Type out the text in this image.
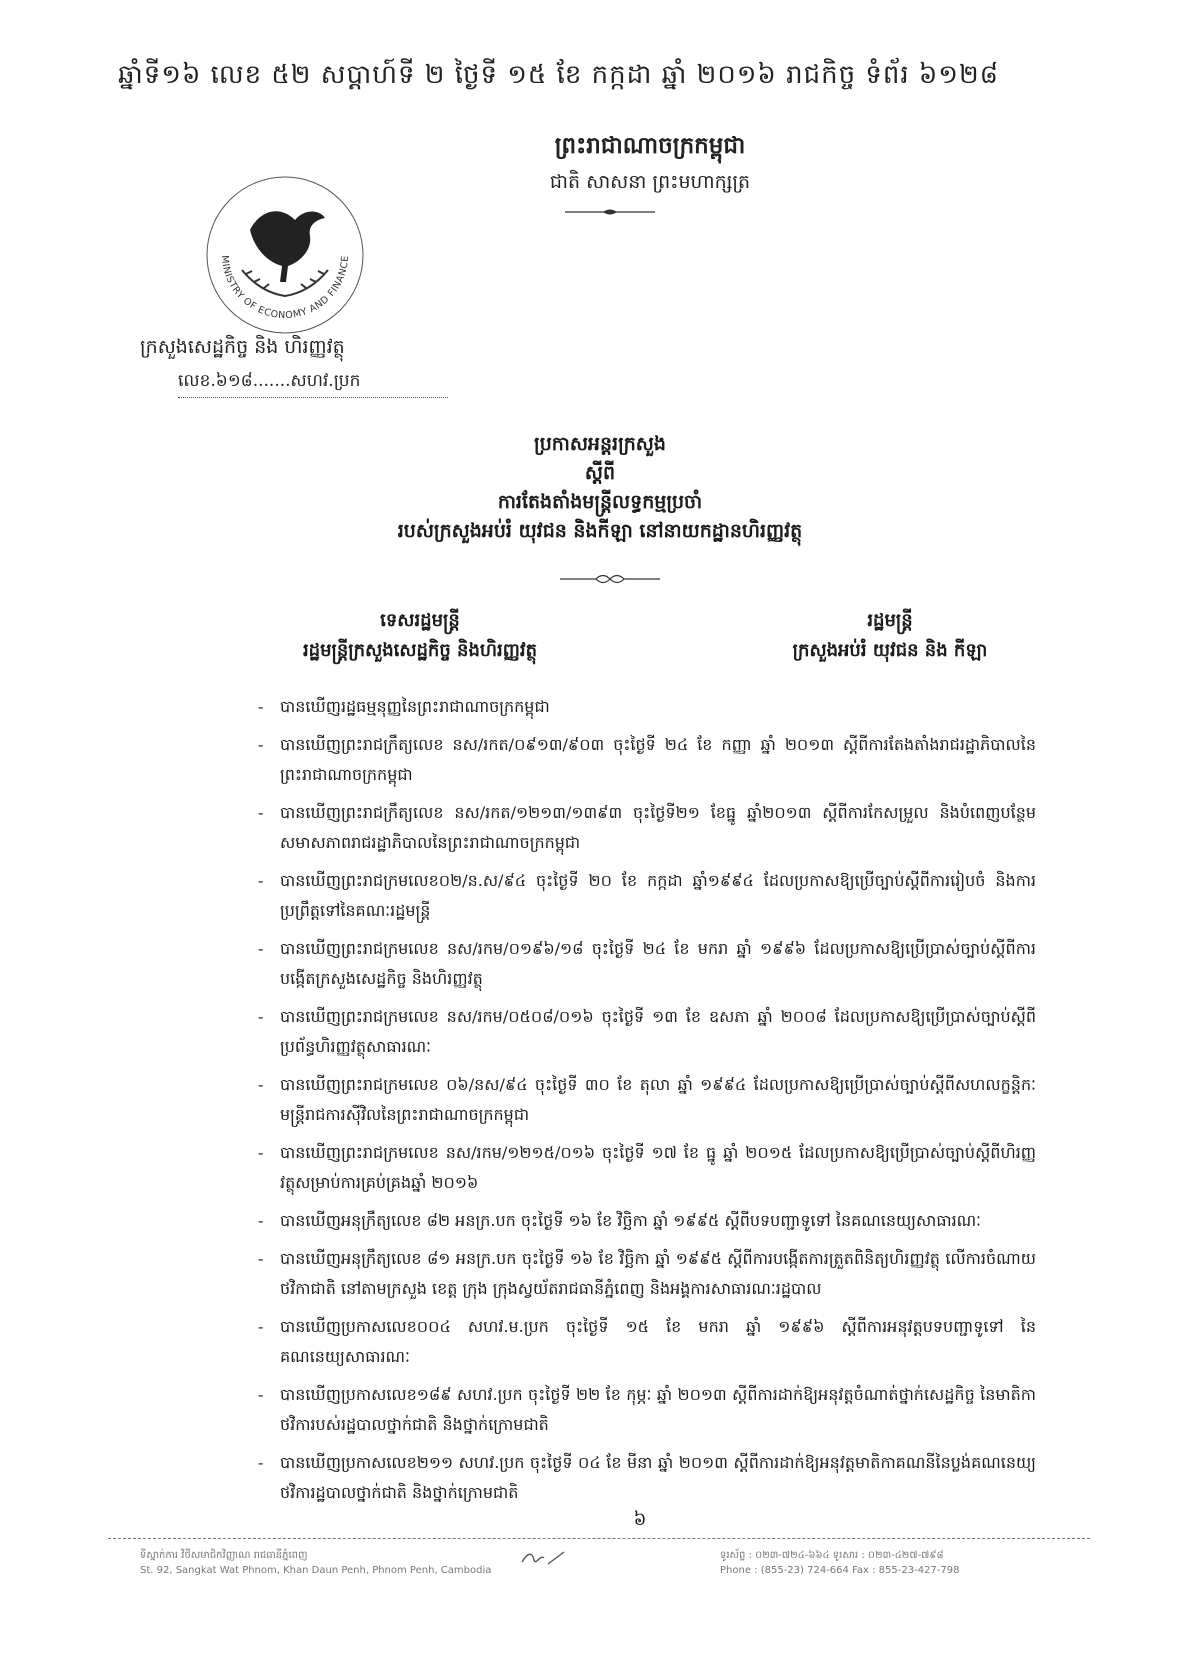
ឆ្នាំទី១៦ លេខ ៥២ សប្តាហ៍ទី ២ ថ្ងៃទី ១៥ ខែ កក្កដា ឆ្នាំ ២០១៦ រាជកិច្ច ទំព័រ ៦១២៨
ព្រះរាជាណាចក្រកម្ពុជា
ជាតិ សាសនា ព្រះមហាក្សត្រ
MINISTRY OF ECONOMY AND FINANCE
ក្រសួងសេដ្ឋកិច្ច និង ហិរញ្ញវត្ថុ
លេខ.៦១៨.......សហវ.ប្រក
ប្រកាសអន្តរក្រសួង
ស្តីពី
ការតែងតាំងមន្ត្រីលទ្ធកម្មប្រចាំ
របស់ក្រសួងអប់រំ យុវជន និងកីឡា នៅនាយកដ្ឋានហិរញ្ញវត្ថុ
ទេសរដ្ឋមន្ត្រី
រដ្ឋមន្ត្រីក្រសួងសេដ្ឋកិច្ច និងហិរញ្ញវត្ថុ
រដ្ឋមន្ត្រី
ក្រសួងអប់រំ យុវជន និង កីឡា
- បានឃើញរដ្ឋធម្មនុញ្ញនៃព្រះរាជាណាចក្រកម្ពុជា
- បានឃើញព្រះរាជក្រឹត្យលេខ នស/រកត/០៩១៣/៩០៣ ចុះថ្ងៃទី ២៤ ខែ កញ្ញា ឆ្នាំ ២០១៣ ស្តីពីការតែងតាំងរាជរដ្ឋាភិបាលនៃព្រះរាជាណាចក្រកម្ពុជា
- បានឃើញព្រះរាជក្រឹត្យលេខ នស/រកត/១២១៣/១៣៩៣ ចុះថ្ងៃទី២១ ខែធ្នូ ឆ្នាំ២០១៣ ស្តីពីការកែសម្រួល និងបំពេញបន្ថែមសមាសភាពរាជរដ្ឋាភិបាលនៃព្រះរាជាណាចក្រកម្ពុជា
- បានឃើញព្រះរាជក្រមលេខ០២/ន.ស/៩៤ ចុះថ្ងៃទី ២០ ខែ កក្កដា ឆ្នាំ១៩៩៤ ដែលប្រកាសឱ្យប្រើច្បាប់ស្តីពីការរៀបចំ និងការប្រព្រឹត្តទៅនៃគណៈរដ្ឋមន្ត្រី
- បានឃើញព្រះរាជក្រមលេខ នស/រកម/០១៩៦/១៨ ចុះថ្ងៃទី ២៤ ខែ មករា ឆ្នាំ ១៩៩៦ ដែលប្រកាសឱ្យប្រើប្រាស់ច្បាប់ស្តីពីការបង្កើតក្រសួងសេដ្ឋកិច្ច និងហិរញ្ញវត្ថុ
- បានឃើញព្រះរាជក្រមលេខ នស/រកម/០៥០៨/០១៦ ចុះថ្ងៃទី ១៣ ខែ ឧសភា ឆ្នាំ ២០០៨ ដែលប្រកាសឱ្យប្រើប្រាស់ច្បាប់ស្តីពីប្រព័ន្ធហិរញ្ញវត្ថុសាធារណៈ
- បានឃើញព្រះរាជក្រមលេខ ០៦/នស/៩៤ ចុះថ្ងៃទី ៣០ ខែ តុលា ឆ្នាំ ១៩៩៤ ដែលប្រកាសឱ្យប្រើប្រាស់ច្បាប់ស្តីពីសហលក្ខន្តិកៈមន្ត្រីរាជការស៊ីវិលនៃព្រះរាជាណាចក្រកម្ពុជា
- បានឃើញព្រះរាជក្រមលេខ នស/រកម/១២១៥/០១៦ ចុះថ្ងៃទី ១៧ ខែ ធ្នូ ឆ្នាំ ២០១៥ ដែលប្រកាសឱ្យប្រើប្រាស់ច្បាប់ស្តីពីហិរញ្ញវត្ថុសម្រាប់ការគ្រប់គ្រងឆ្នាំ ២០១៦
- បានឃើញអនុក្រឹត្យលេខ ៨២ អនក្រ.បក ចុះថ្ងៃទី ១៦ ខែ វិច្ឆិកា ឆ្នាំ ១៩៩៥ ស្តីពីបទបញ្ជាទូទៅ នៃគណនេយ្យសាធារណៈ
- បានឃើញអនុក្រឹត្យលេខ ៨១ អនក្រ.បក ចុះថ្ងៃទី ១៦ ខែ វិច្ឆិកា ឆ្នាំ ១៩៩៥ ស្តីពីការបង្កើតការត្រួតពិនិត្យហិរញ្ញវត្ថុ លើការចំណាយថវិកាជាតិ នៅតាមក្រសួង ខេត្ត ក្រុង ក្រុងស្វយ័តរាជធានីភ្នំពេញ និងអង្គការសាធារណៈរដ្ឋបាល
- បានឃើញប្រកាសលេខ០០៤ សហវ.ម.ប្រក ចុះថ្ងៃទី ១៥ ខែ មករា ឆ្នាំ ១៩៩៦ ស្តីពីការអនុវត្តបទបញ្ជាទូទៅ នៃគណនេយ្យសាធារណៈ
- បានឃើញប្រកាសលេខ១៨៩ សហវ.ប្រក ចុះថ្ងៃទី ២២ ខែ កុម្ភៈ ឆ្នាំ ២០១៣ ស្តីពីការដាក់ឱ្យអនុវត្តចំណាត់ថ្នាក់សេដ្ឋកិច្ច នៃមាតិកាថវិការបស់រដ្ឋបាលថ្នាក់ជាតិ និងថ្នាក់ក្រោមជាតិ
- បានឃើញប្រកាសលេខ២១១ សហវ.ប្រក ចុះថ្ងៃទី ០៤ ខែ មីនា ឆ្នាំ ២០១៣ ស្តីពីការដាក់ឱ្យអនុវត្តមាតិកាគណនីនៃប្លង់គណនេយ្យថវិការដ្ឋបាលថ្នាក់ជាតិ និងថ្នាក់ក្រោមជាតិ
៦
ទីស្នាក់ការ វិថីសមាជិកវិញ្ញាណ រាជធានីភ្នំពេញ
St. 92, Sangkat Wat Phnom, Khan Daun Penh, Phnom Penh, Cambodia
ទូរស័ព្ទ : ០២៣-៧២៤-៦៦៤ ទូរសារ : ០២៣-៤២៧-៧៩៨
Phone : (855-23) 724-664 Fax : 855-23-427-798
